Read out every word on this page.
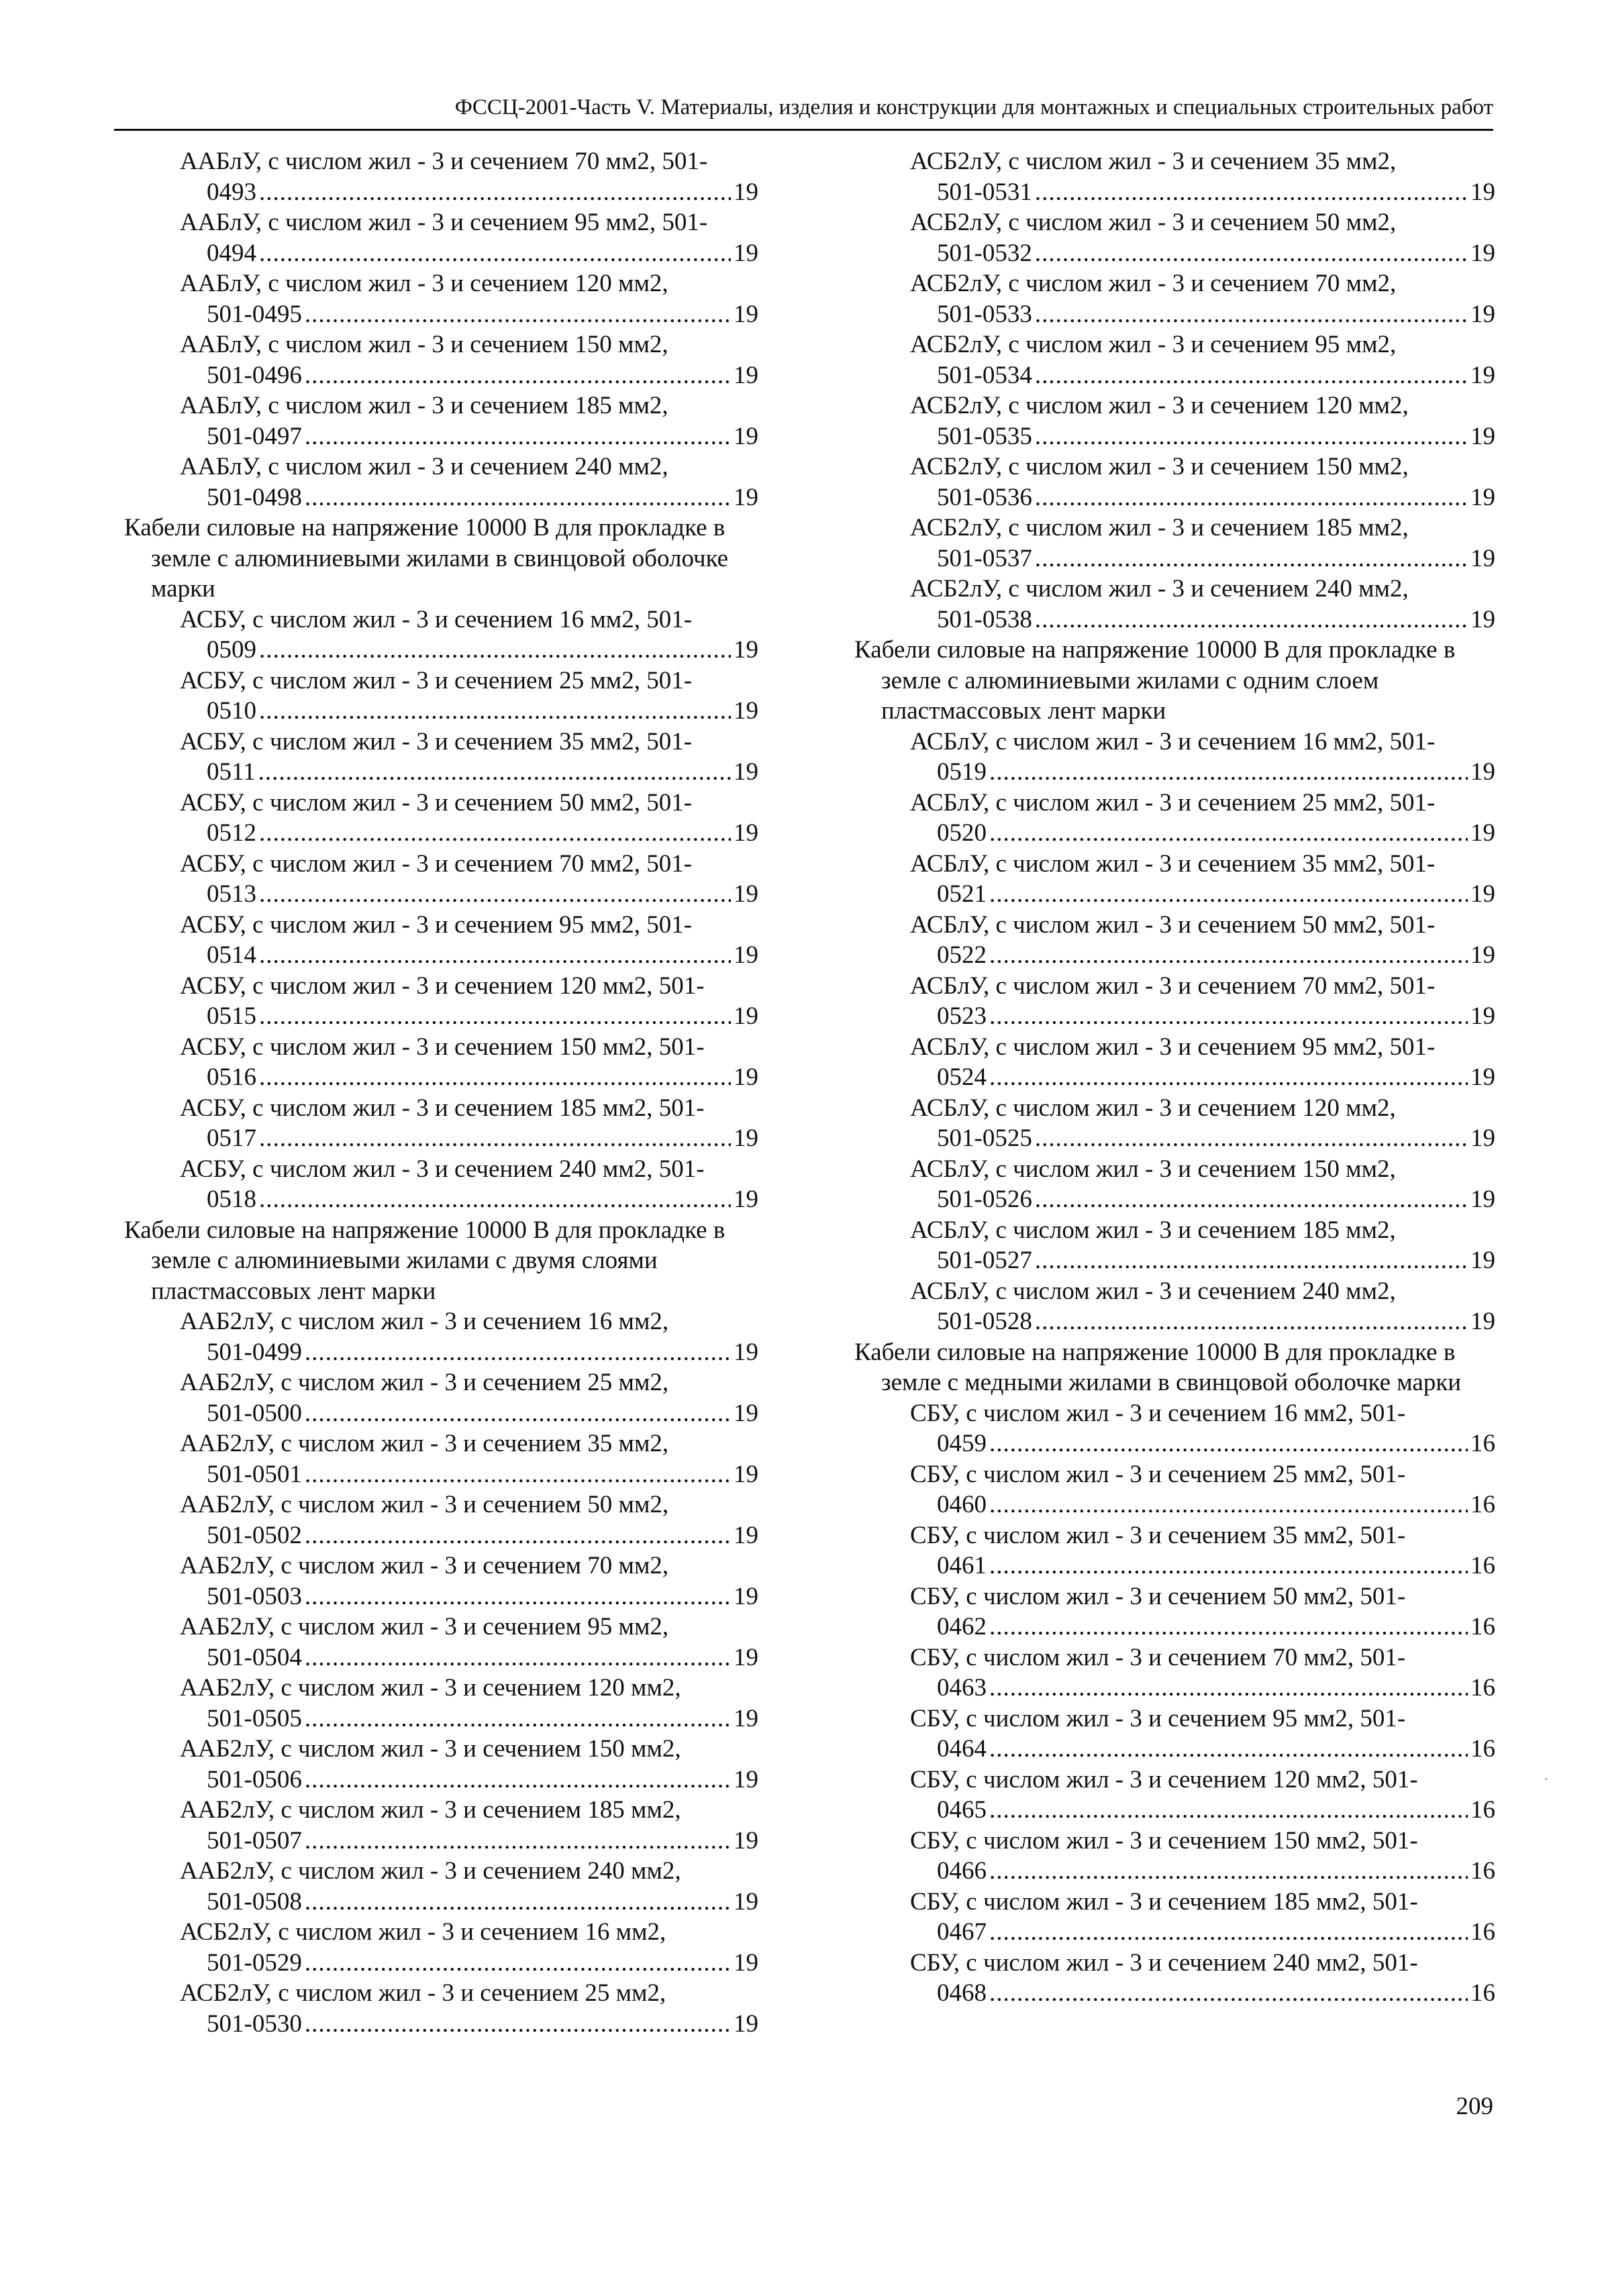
ФССЦ-2001-Часть V. Материалы, изделия и конструкции для монтажных и специальных строительных работ
ААБлУ, с числом жил - 3 и сечением 70 мм2, 501-
0493 .....	19
ААБлУ, с числом жил - 3 и сечением 95 мм2, 501-
0494 .....	19
ААБлУ, с числом жил - 3 и сечением 120 мм2,
501-0495 .....	19
ААБлУ, с числом жил - 3 и сечением 150 мм2,
501-0496 .....	19
ААБлУ, с числом жил - 3 и сечением 185 мм2,
501-0497 .....	19
ААБлУ, с числом жил - 3 и сечением 240 мм2,
501-0498 .....	19
Кабели силовые на напряжение 10000 В для прокладке в земле с алюминиевыми жилами в свинцовой оболочке марки
АСБУ, с числом жил - 3 и сечением 16 мм2, 501-
0509 .....	19
АСБУ, с числом жил - 3 и сечением 25 мм2, 501-
0510 .....	19
АСБУ, с числом жил - 3 и сечением 35 мм2, 501-
0511 .....	19
АСБУ, с числом жил - 3 и сечением 50 мм2, 501-
0512 .....	19
АСБУ, с числом жил - 3 и сечением 70 мм2, 501-
0513 .....	19
АСБУ, с числом жил - 3 и сечением 95 мм2, 501-
0514 .....	19
АСБУ, с числом жил - 3 и сечением 120 мм2, 501-
0515 .....	19
АСБУ, с числом жил - 3 и сечением 150 мм2, 501-
0516 .....	19
АСБУ, с числом жил - 3 и сечением 185 мм2, 501-
0517 .....	19
АСБУ, с числом жил - 3 и сечением 240 мм2, 501-
0518 .....	19
Кабели силовые на напряжение 10000 В для прокладке в земле с алюминиевыми жилами с двумя слоями пластмассовых лент марки
ААБ2лУ, с числом жил - 3 и сечением 16 мм2,
501-0499 .....	19
ААБ2лУ, с числом жил - 3 и сечением 25 мм2,
501-0500 .....	19
ААБ2лУ, с числом жил - 3 и сечением 35 мм2,
501-0501 .....	19
ААБ2лУ, с числом жил - 3 и сечением 50 мм2,
501-0502 .....	19
ААБ2лУ, с числом жил - 3 и сечением 70 мм2,
501-0503 .....	19
ААБ2лУ, с числом жил - 3 и сечением 95 мм2,
501-0504 .....	19
ААБ2лУ, с числом жил - 3 и сечением 120 мм2,
501-0505 .....	19
ААБ2лУ, с числом жил - 3 и сечением 150 мм2,
501-0506 .....	19
ААБ2лУ, с числом жил - 3 и сечением 185 мм2,
501-0507 .....	19
ААБ2лУ, с числом жил - 3 и сечением 240 мм2,
501-0508 .....	19
АСБ2лУ, с числом жил - 3 и сечением 16 мм2,
501-0529 .....	19
АСБ2лУ, с числом жил - 3 и сечением 25 мм2,
501-0530 .....	19
АСБ2лУ, с числом жил - 3 и сечением 35 мм2,
501-0531 .....	19
АСБ2лУ, с числом жил - 3 и сечением 50 мм2,
501-0532 .....	19
АСБ2лУ, с числом жил - 3 и сечением 70 мм2,
501-0533 .....	19
АСБ2лУ, с числом жил - 3 и сечением 95 мм2,
501-0534 .....	19
АСБ2лУ, с числом жил - 3 и сечением 120 мм2,
501-0535 .....	19
АСБ2лУ, с числом жил - 3 и сечением 150 мм2,
501-0536 .....	19
АСБ2лУ, с числом жил - 3 и сечением 185 мм2,
501-0537 .....	19
АСБ2лУ, с числом жил - 3 и сечением 240 мм2,
501-0538 .....	19
Кабели силовые на напряжение 10000 В для прокладке в земле с алюминиевыми жилами с одним слоем пластмассовых лент марки
АСБлУ, с числом жил - 3 и сечением 16 мм2, 501-
0519 .....	19
АСБлУ, с числом жил - 3 и сечением 25 мм2, 501-
0520 .....	19
АСБлУ, с числом жил - 3 и сечением 35 мм2, 501-
0521 .....	19
АСБлУ, с числом жил - 3 и сечением 50 мм2, 501-
0522 .....	19
АСБлУ, с числом жил - 3 и сечением 70 мм2, 501-
0523 .....	19
АСБлУ, с числом жил - 3 и сечением 95 мм2, 501-
0524 .....	19
АСБлУ, с числом жил - 3 и сечением 120 мм2,
501-0525 .....	19
АСБлУ, с числом жил - 3 и сечением 150 мм2,
501-0526 .....	19
АСБлУ, с числом жил - 3 и сечением 185 мм2,
501-0527 .....	19
АСБлУ, с числом жил - 3 и сечением 240 мм2,
501-0528 .....	19
Кабели силовые на напряжение 10000 В для прокладке в земле с медными жилами в свинцовой оболочке марки
СБУ, с числом жил - 3 и сечением 16 мм2, 501-
0459 .....	16
СБУ, с числом жил - 3 и сечением 25 мм2, 501-
0460 .....	16
СБУ, с числом жил - 3 и сечением 35 мм2, 501-
0461 .....	16
СБУ, с числом жил - 3 и сечением 50 мм2, 501-
0462 .....	16
СБУ, с числом жил - 3 и сечением 70 мм2, 501-
0463 .....	16
СБУ, с числом жил - 3 и сечением 95 мм2, 501-
0464 .....	16
СБУ, с числом жил - 3 и сечением 120 мм2, 501-
0465 .....	16
СБУ, с числом жил - 3 и сечением 150 мм2, 501-
0466 .....	16
СБУ, с числом жил - 3 и сечением 185 мм2, 501-
0467 .....	16
СБУ, с числом жил - 3 и сечением 240 мм2, 501-
0468 .....	16
209
